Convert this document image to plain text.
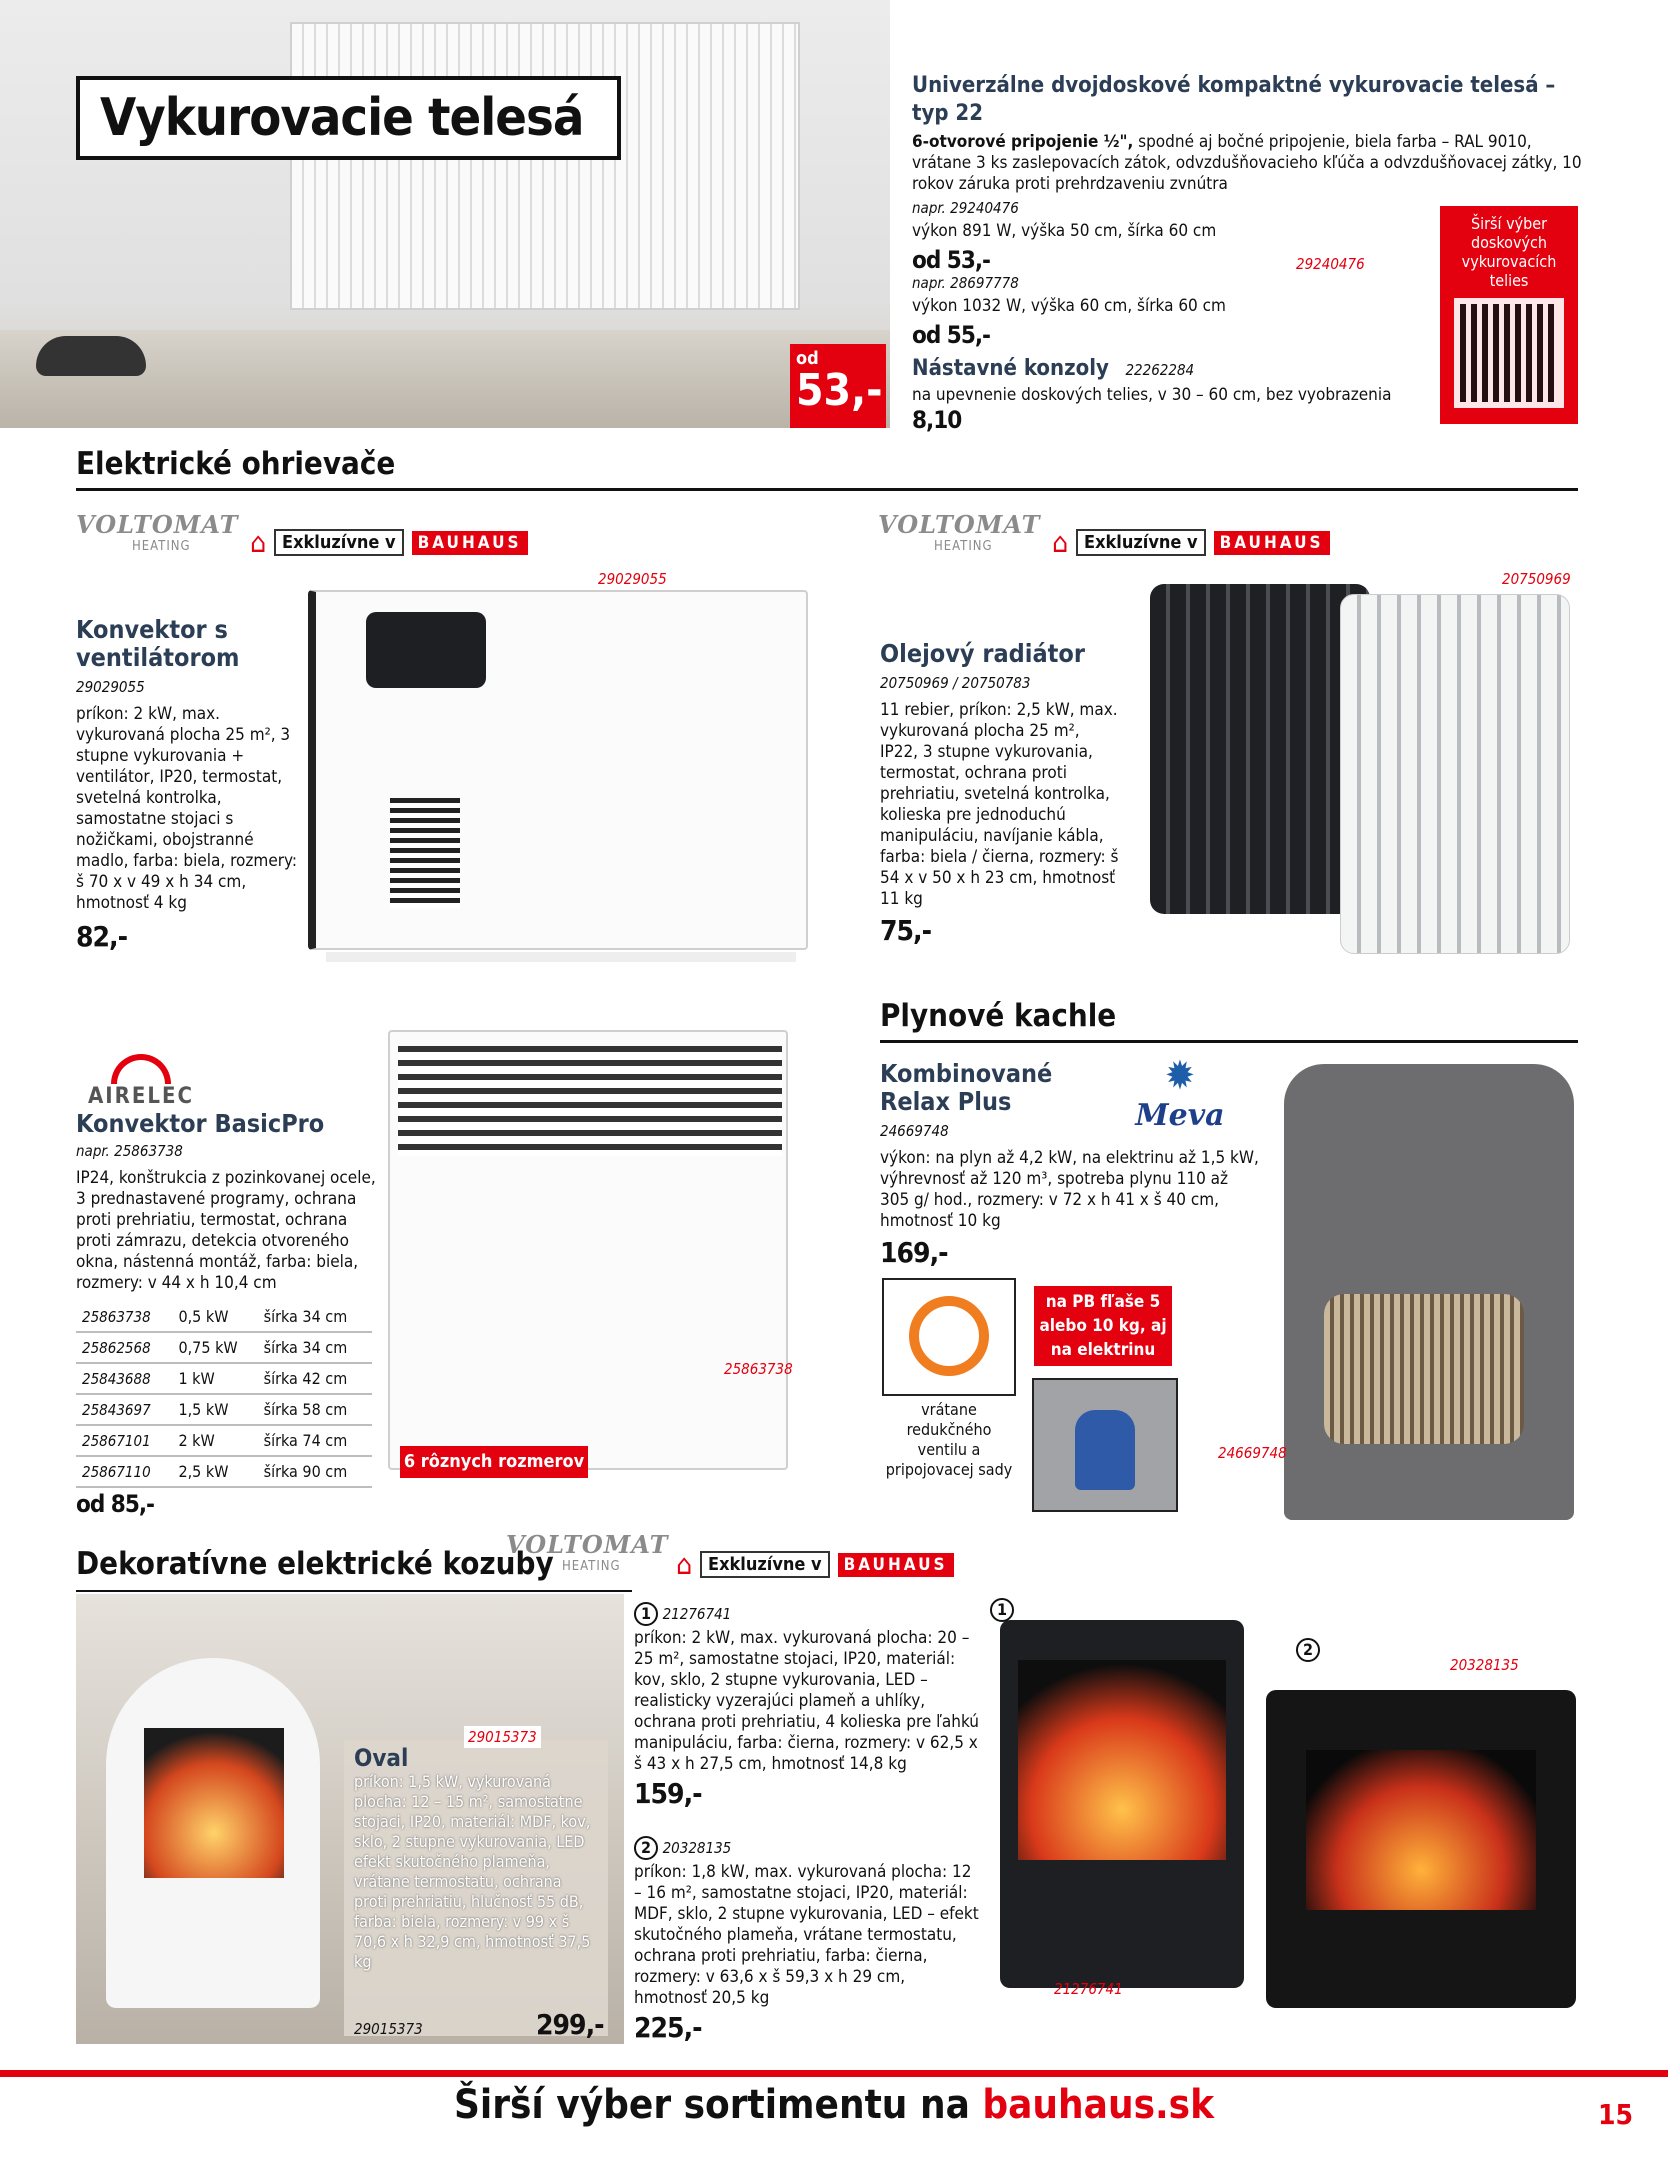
Vykurovacie telesá
od
53,-
Univerzálne dvojdoskové kompaktné vykurovacie telesá – typ 22
6-otvorové pripojenie ½", spodné aj bočné pripojenie, biela farba – RAL 9010, vrátane 3 ks zaslepovacích zátok, odvzdušňovacieho kľúča a odvzdušňovacej zátky, 10 rokov záruka proti prehrdzaveniu zvnútra
napr. 29240476
výkon 891 W, výška 50 cm, šírka 60 cm
od 53,-
napr. 28697778
výkon 1032 W, výška 60 cm, šírka 60 cm
od 55,-
Nástavné konzoly 22262284
na upevnenie doskových telies, v 30 – 60 cm, bez vyobrazenia
8,10
29240476
Širší výber doskových vykurovacích telies
Elektrické ohrievače
VOLTOMAT
HEATING	⌂ Exkluzívne v	BAUHAUS
VOLTOMAT
HEATING	⌂ Exkluzívne v	BAUHAUS
29029055
Konvektor s ventilátorom
29029055
príkon: 2 kW, max. vykurovaná plocha 25 m², 3 stupne vykurovania + ventilátor, IP20, termostat, svetelná kontrolka, samostatne stojaci s nožičkami, obojstranné madlo, farba: biela, rozmery: š 70 x v 49 x h 34 cm, hmotnosť 4 kg
82,-
20750969
Olejový radiátor
20750969 / 20750783
11 rebier, príkon: 2,5 kW, max. vykurovaná plocha 25 m², IP22, 3 stupne vykurovania, termostat, ochrana proti prehriatiu, svetelná kontrolka, kolieska pre jednoduchú manipuláciu, navíjanie kábla, farba: biela / čierna, rozmery: š 54 x v 50 x h 23 cm, hmotnosť 11 kg
75,-
AIRELEC
Konvektor BasicPro
napr. 25863738
IP24, konštrukcia z pozinkovanej ocele, 3 prednastavené programy, ochrana proti prehriatiu, termostat, ochrana proti zámrazu, detekcia otvoreného okna, nástenná montáž, farba: biela, rozmery: v 44 x h 10,4 cm
25863738	0,5 kW	šírka 34 cm
25862568	0,75 kW	šírka 34 cm
25843688	1 kW	šírka 42 cm
25843697	1,5 kW	šírka 58 cm
25867101	2 kW	šírka 74 cm
25867110	2,5 kW	šírka 90 cm
od 85,-
25863738
6 rôznych rozmerov
Plynové kachle
Kombinované Relax Plus
24669748
výkon: na plyn až 4,2 kW, na elektrinu až 1,5 kW, výhrevnosť až 120 m³, spotreba plynu 110 až 305 g/ hod., rozmery: v 72 x h 41 x š 40 cm, hmotnosť 10 kg
169,-
✹
Meva
24669748
na PB fľaše 5 alebo 10 kg, aj na elektrinu
vrátane redukčného ventilu a pripojovacej sady
Dekoratívne elektrické kozuby
VOLTOMAT
HEATING	⌂ Exkluzívne v	BAUHAUS
Oval
príkon: 1,5 kW, vykurovaná plocha: 12 – 15 m², samostatne stojaci, IP20, materiál: MDF, kov, sklo, 2 stupne vykurovania, LED efekt skutočného plameňa, vrátane termostatu, ochrana proti prehriatiu, hlučnosť 55 dB, farba: biela, rozmery: v 99 x š 70,6 x h 32,9 cm, hmotnosť 37,5 kg
29015373	299,-
29015373
1 21276741
príkon: 2 kW, max. vykurovaná plocha: 20 – 25 m², samostatne stojaci, IP20, materiál: kov, sklo, 2 stupne vykurovania, LED – realisticky vyzerajúci plameň a uhlíky, ochrana proti prehriatiu, 4 kolieska pre ľahkú manipuláciu, farba: čierna, rozmery: v 62,5 x š 43 x h 27,5 cm, hmotnosť 14,8 kg
159,-
2 20328135
príkon: 1,8 kW, max. vykurovaná plocha: 12 – 16 m², samostatne stojaci, IP20, materiál: MDF, sklo, 2 stupne vykurovania, LED – efekt skutočného plameňa, vrátane termostatu, ochrana proti prehriatiu, farba: čierna, rozmery: v 63,6 x š 59,3 x h 29 cm, hmotnosť 20,5 kg
225,-
1
21276741
2
20328135
Širší výber sortimentu na bauhaus.sk	15
